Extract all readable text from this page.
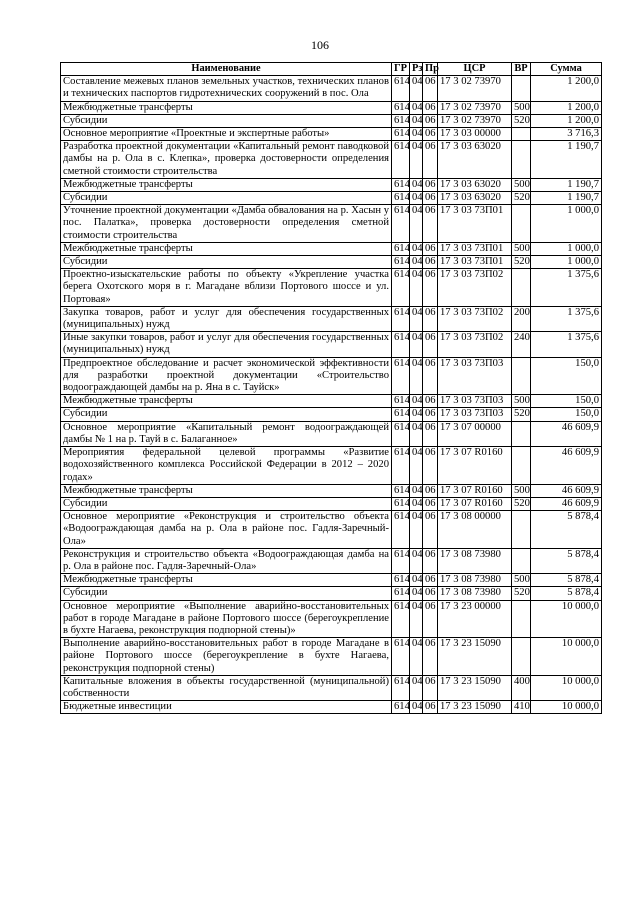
106
Наименование	ГР	Рз	Пр	ЦСР	ВР	Сумма
Составление межевых планов земельных участков, технических планов и технических паспортов гидротехнических сооружений в пос. Ола	614	04	06	17 3 02 73970		1 200,0
Межбюджетные трансферты	614	04	06	17 3 02 73970	500	1 200,0
Субсидии	614	04	06	17 3 02 73970	520	1 200,0
Основное мероприятие «Проектные и экспертные работы»	614	04	06	17 3 03 00000		3 716,3
Разработка проектной документации «Капитальный ремонт паводковой дамбы на р. Ола в с. Клепка», проверка достоверности определения сметной стоимости строительства	614	04	06	17 3 03 63020		1 190,7
Межбюджетные трансферты	614	04	06	17 3 03 63020	500	1 190,7
Субсидии	614	04	06	17 3 03 63020	520	1 190,7
Уточнение проектной документации «Дамба обвалования на р. Хасын у пос. Палатка», проверка достоверности определения сметной стоимости строительства	614	04	06	17 3 03 73П01		1 000,0
Межбюджетные трансферты	614	04	06	17 3 03 73П01	500	1 000,0
Субсидии	614	04	06	17 3 03 73П01	520	1 000,0
Проектно-изыскательские работы по объекту «Укрепление участка берега Охотского моря в г. Магадане вблизи Портового шоссе и ул. Портовая»	614	04	06	17 3 03 73П02		1 375,6
Закупка товаров, работ и услуг для обеспечения государственных (муниципальных) нужд	614	04	06	17 3 03 73П02	200	1 375,6
Иные закупки товаров, работ и услуг для обеспечения государственных (муниципальных) нужд	614	04	06	17 3 03 73П02	240	1 375,6
Предпроектное обследование и расчет экономической эффективности для разработки проектной документации «Строительство водоограждающей дамбы на р. Яна в с. Тауйск»	614	04	06	17 3 03 73П03		150,0
Межбюджетные трансферты	614	04	06	17 3 03 73П03	500	150,0
Субсидии	614	04	06	17 3 03 73П03	520	150,0
Основное мероприятие «Капитальный ремонт водоограждающей дамбы № 1 на р. Тауй в с. Балаганное»	614	04	06	17 3 07 00000		46 609,9
Мероприятия федеральной целевой программы «Развитие водохозяйственного комплекса Российской Федерации в 2012 – 2020 годах»	614	04	06	17 3 07 R0160		46 609,9
Межбюджетные трансферты	614	04	06	17 3 07 R0160	500	46 609,9
Субсидии	614	04	06	17 3 07 R0160	520	46 609,9
Основное мероприятие «Реконструкция и строительство объекта «Водоограждающая дамба на р. Ола в районе пос. Гадля-Заречный-Ола»	614	04	06	17 3 08 00000		5 878,4
Реконструкция и строительство объекта «Водоограждающая дамба на р. Ола в районе пос. Гадля-Заречный-Ола»	614	04	06	17 3 08 73980		5 878,4
Межбюджетные трансферты	614	04	06	17 3 08 73980	500	5 878,4
Субсидии	614	04	06	17 3 08 73980	520	5 878,4
Основное мероприятие «Выполнение аварийно-восстановительных работ в городе Магадане в районе Портового шоссе (берегоукрепление в бухте Нагаева, реконструкция подпорной стены)»	614	04	06	17 3 23 00000		10 000,0
Выполнение аварийно-восстановительных работ в городе Магадане в районе Портового шоссе (берегоукрепление в бухте Нагаева, реконструкция подпорной стены)	614	04	06	17 3 23 15090		10 000,0
Капитальные вложения в объекты государственной (муниципальной) собственности	614	04	06	17 3 23 15090	400	10 000,0
Бюджетные инвестиции	614	04	06	17 3 23 15090	410	10 000,0
